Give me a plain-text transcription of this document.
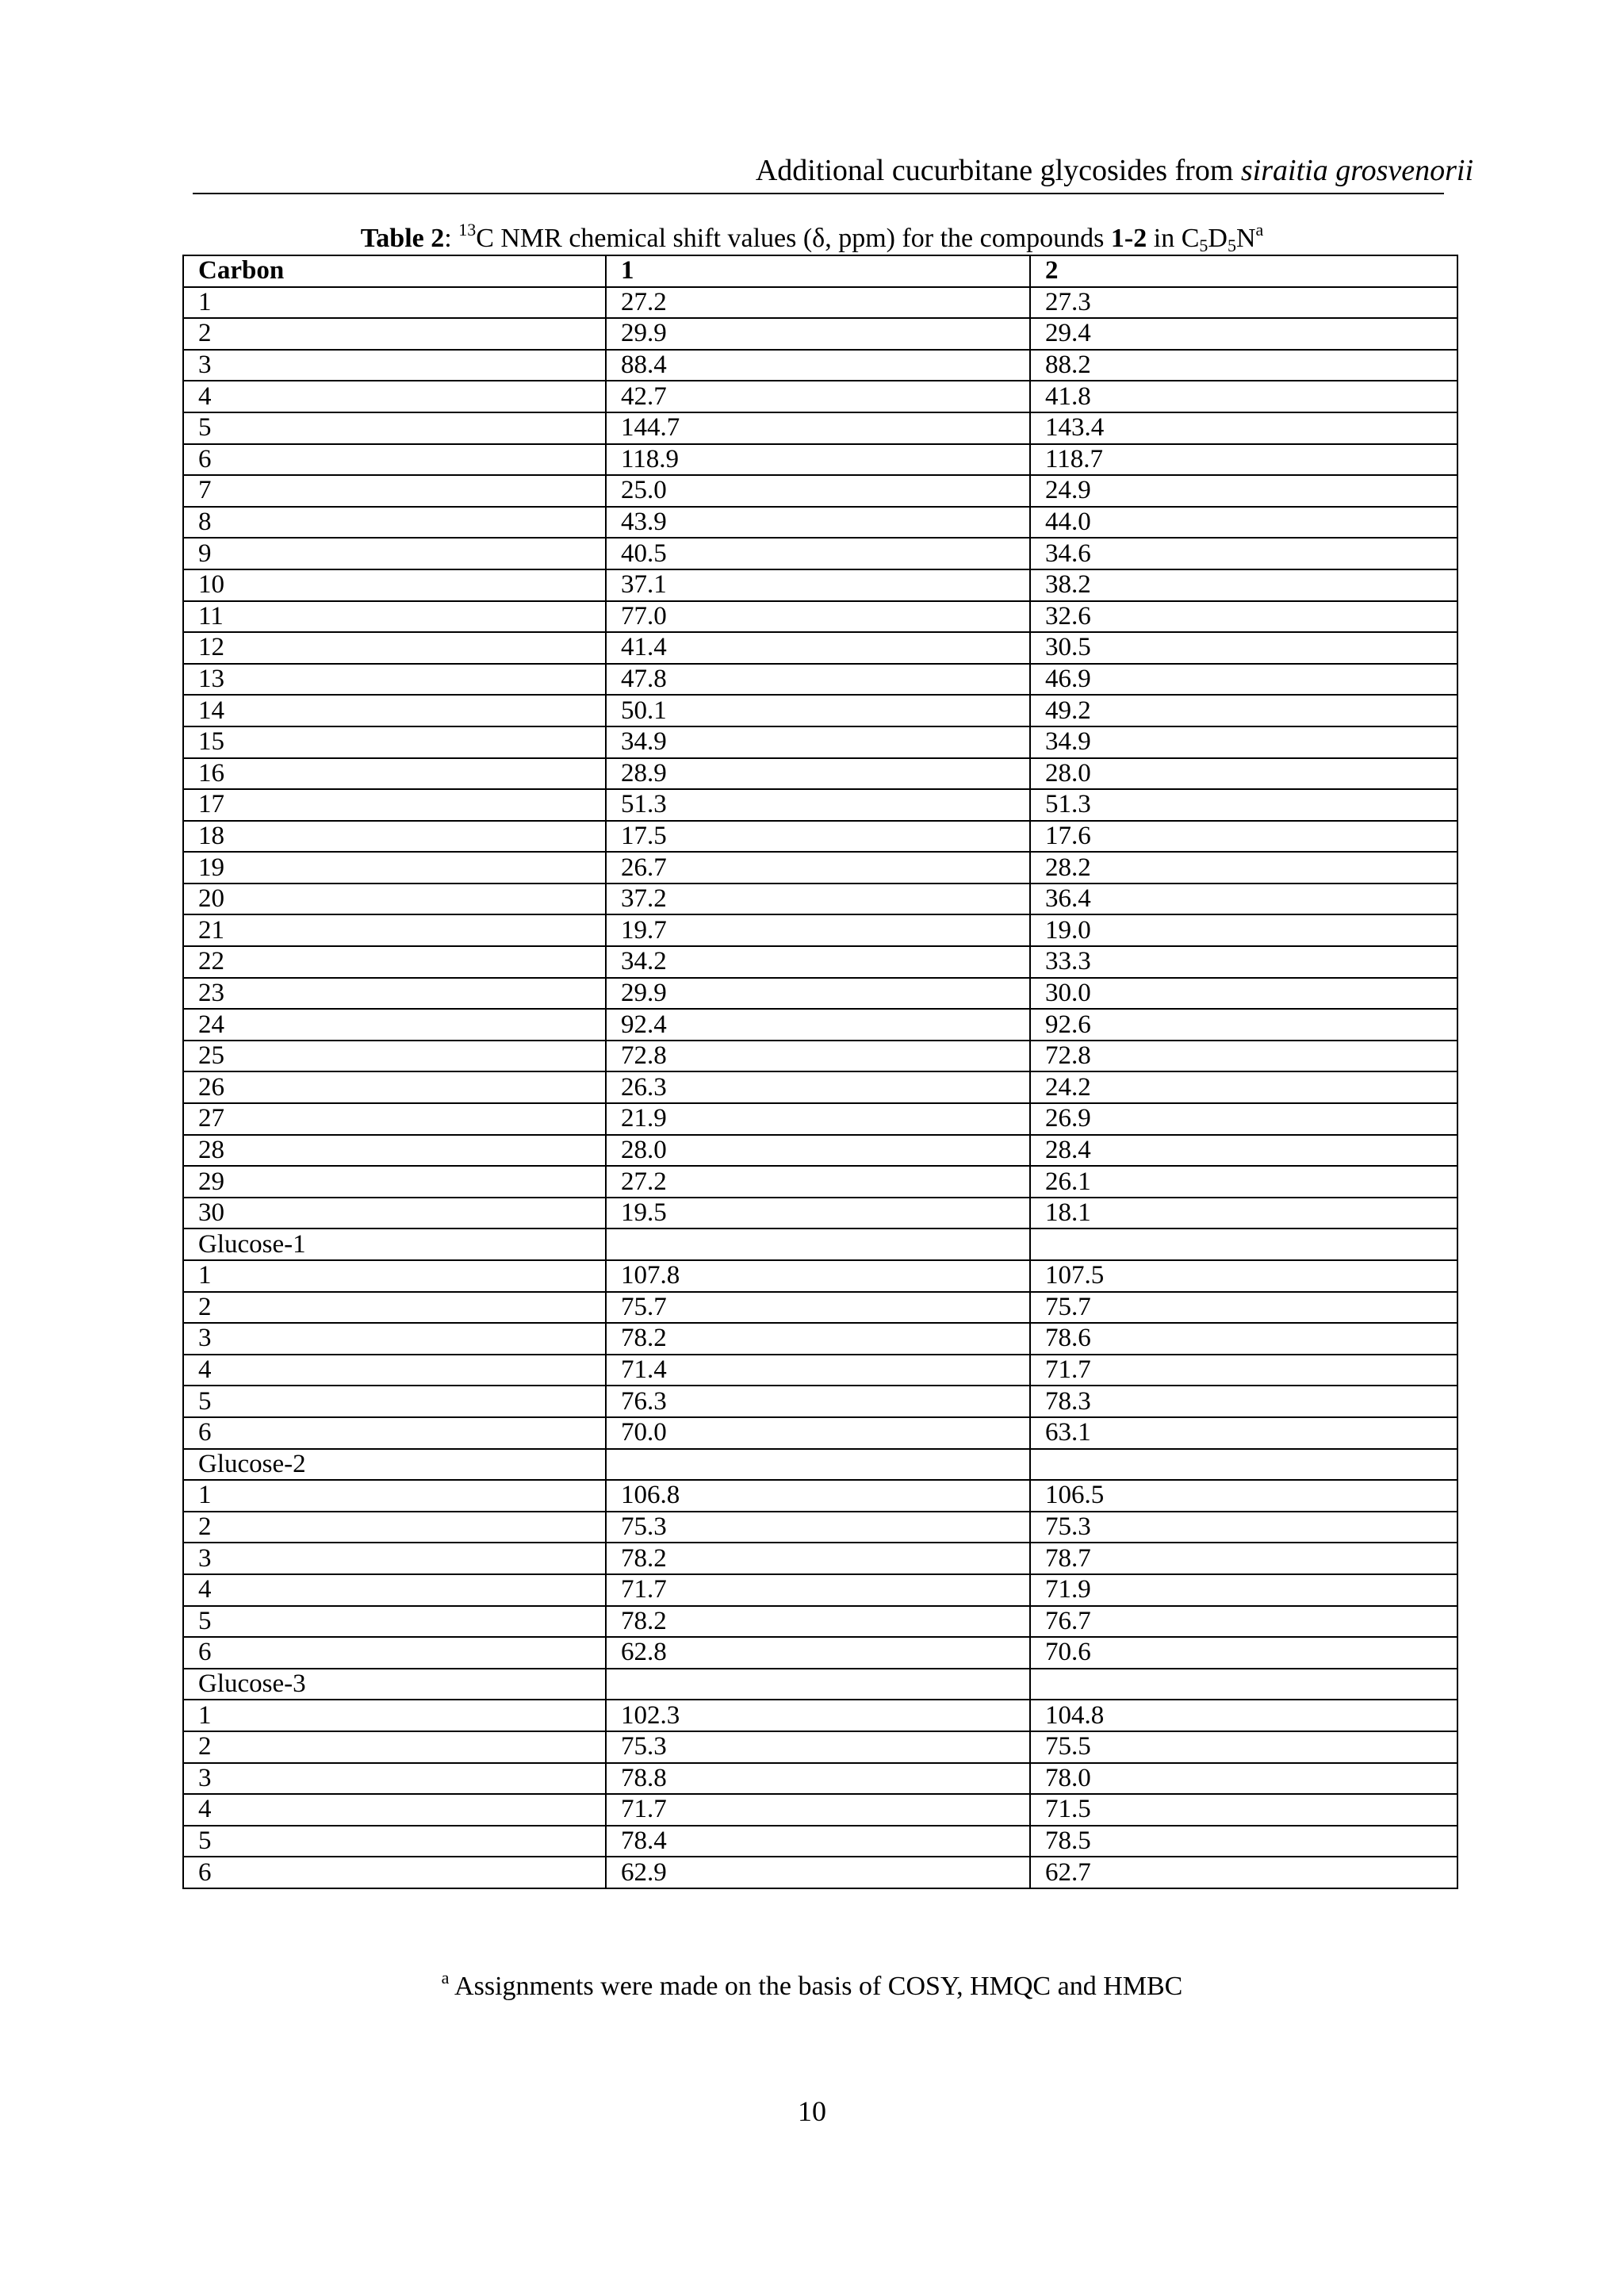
Additional cucurbitane glycosides from siraitia grosvenorii
Table 2: $^{13}$C NMR chemical shift values (δ, ppm) for the compounds 1-2 in $C_5D_5N^a$
Carbon	1	2
1	27.2	27.3
2	29.9	29.4
3	88.4	88.2
4	42.7	41.8
5	144.7	143.4
6	118.9	118.7
7	25.0	24.9
8	43.9	44.0
9	40.5	34.6
10	37.1	38.2
11	77.0	32.6
12	41.4	30.5
13	47.8	46.9
14	50.1	49.2
15	34.9	34.9
16	28.9	28.0
17	51.3	51.3
18	17.5	17.6
19	26.7	28.2
20	37.2	36.4
21	19.7	19.0
22	34.2	33.3
23	29.9	30.0
24	92.4	92.6
25	72.8	72.8
26	26.3	24.2
27	21.9	26.9
28	28.0	28.4
29	27.2	26.1
30	19.5	18.1
Glucose-1		
1	107.8	107.5
2	75.7	75.7
3	78.2	78.6
4	71.4	71.7
5	76.3	78.3
6	70.0	63.1
Glucose-2		
1	106.8	106.5
2	75.3	75.3
3	78.2	78.7
4	71.7	71.9
5	78.2	76.7
6	62.8	70.6
Glucose-3		
1	102.3	104.8
2	75.3	75.5
3	78.8	78.0
4	71.7	71.5
5	78.4	78.5
6	62.9	62.7
$^a$ Assignments were made on the basis of COSY, HMQC and HMBC
10
